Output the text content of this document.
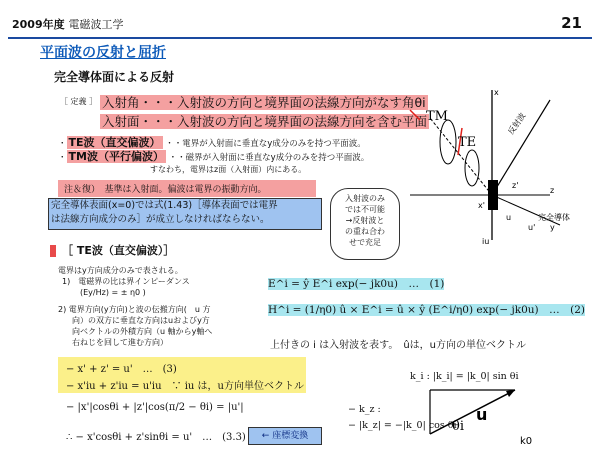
2009年度 電磁波工学	21
平面波の反射と屈折
完全導体面による反射
［ 定義 ］ 入射角・・・入射波の方向と境界面の法線方向がなす角θi
入射面・・・入射波の方向と境界面の法線方向を含む平面
・ TE波（直交偏波） ・・電界が入射面に垂直なy成分のみを持つ平面波。
・ TM波（平行偏波） ・・磁界が入射面に垂直なy成分のみを持つ平面波。
すなわち，電界はz面（入射面）内にある。
注＆復）　基準は入射面。偏波は電界の振動方向。
完全導体表面(x=0)では式(1.43)［導体表面では電界
は法線方向成分のみ］が成立しなければならない。
入射波のみ
では不可能
→反射波と
の重ね合わ
せで充足
［ TE波（直交偏波）］
電界はy方向成分のみで表される。
1)　電磁界の比は界インピーダンス
(Ey/Hz) = ± η0 )
2) 電界方向(y方向)と波の伝搬方向(　u 方
向）の双方に垂直な方向はuおよびy方
向ベクトルの外積方向（u 軸からy軸へ
右ねじを回して進む方向）
E^i = ŷ E^i exp(− jk0u)　…　(1)
H^i = (1/η0) û × E^i = û × ŷ (E^i/η0) exp(− jk0u)　…　(2)
上付きの i は入射波を表す。　ûは，u方向の単位ベクトル
− x' + z' = u'　…　(3)
− x'iu + z'iu = u'iu　∵ iu は，u方向単位ベクトル
− |x'|cosθi + |z'|cos(π/2 − θi) = |u'|
∴ − x'cosθi + z'sinθi = u'　…　(3.3)	← 座標変換
TM
TE
反射波
x
y
z
z'
x'
u
u'
iu
完全導体
k_i : |k_i| = |k_0| sin θi
− k_z :
− |k_z| = −|k_0| cos θi
u
θi
k0
